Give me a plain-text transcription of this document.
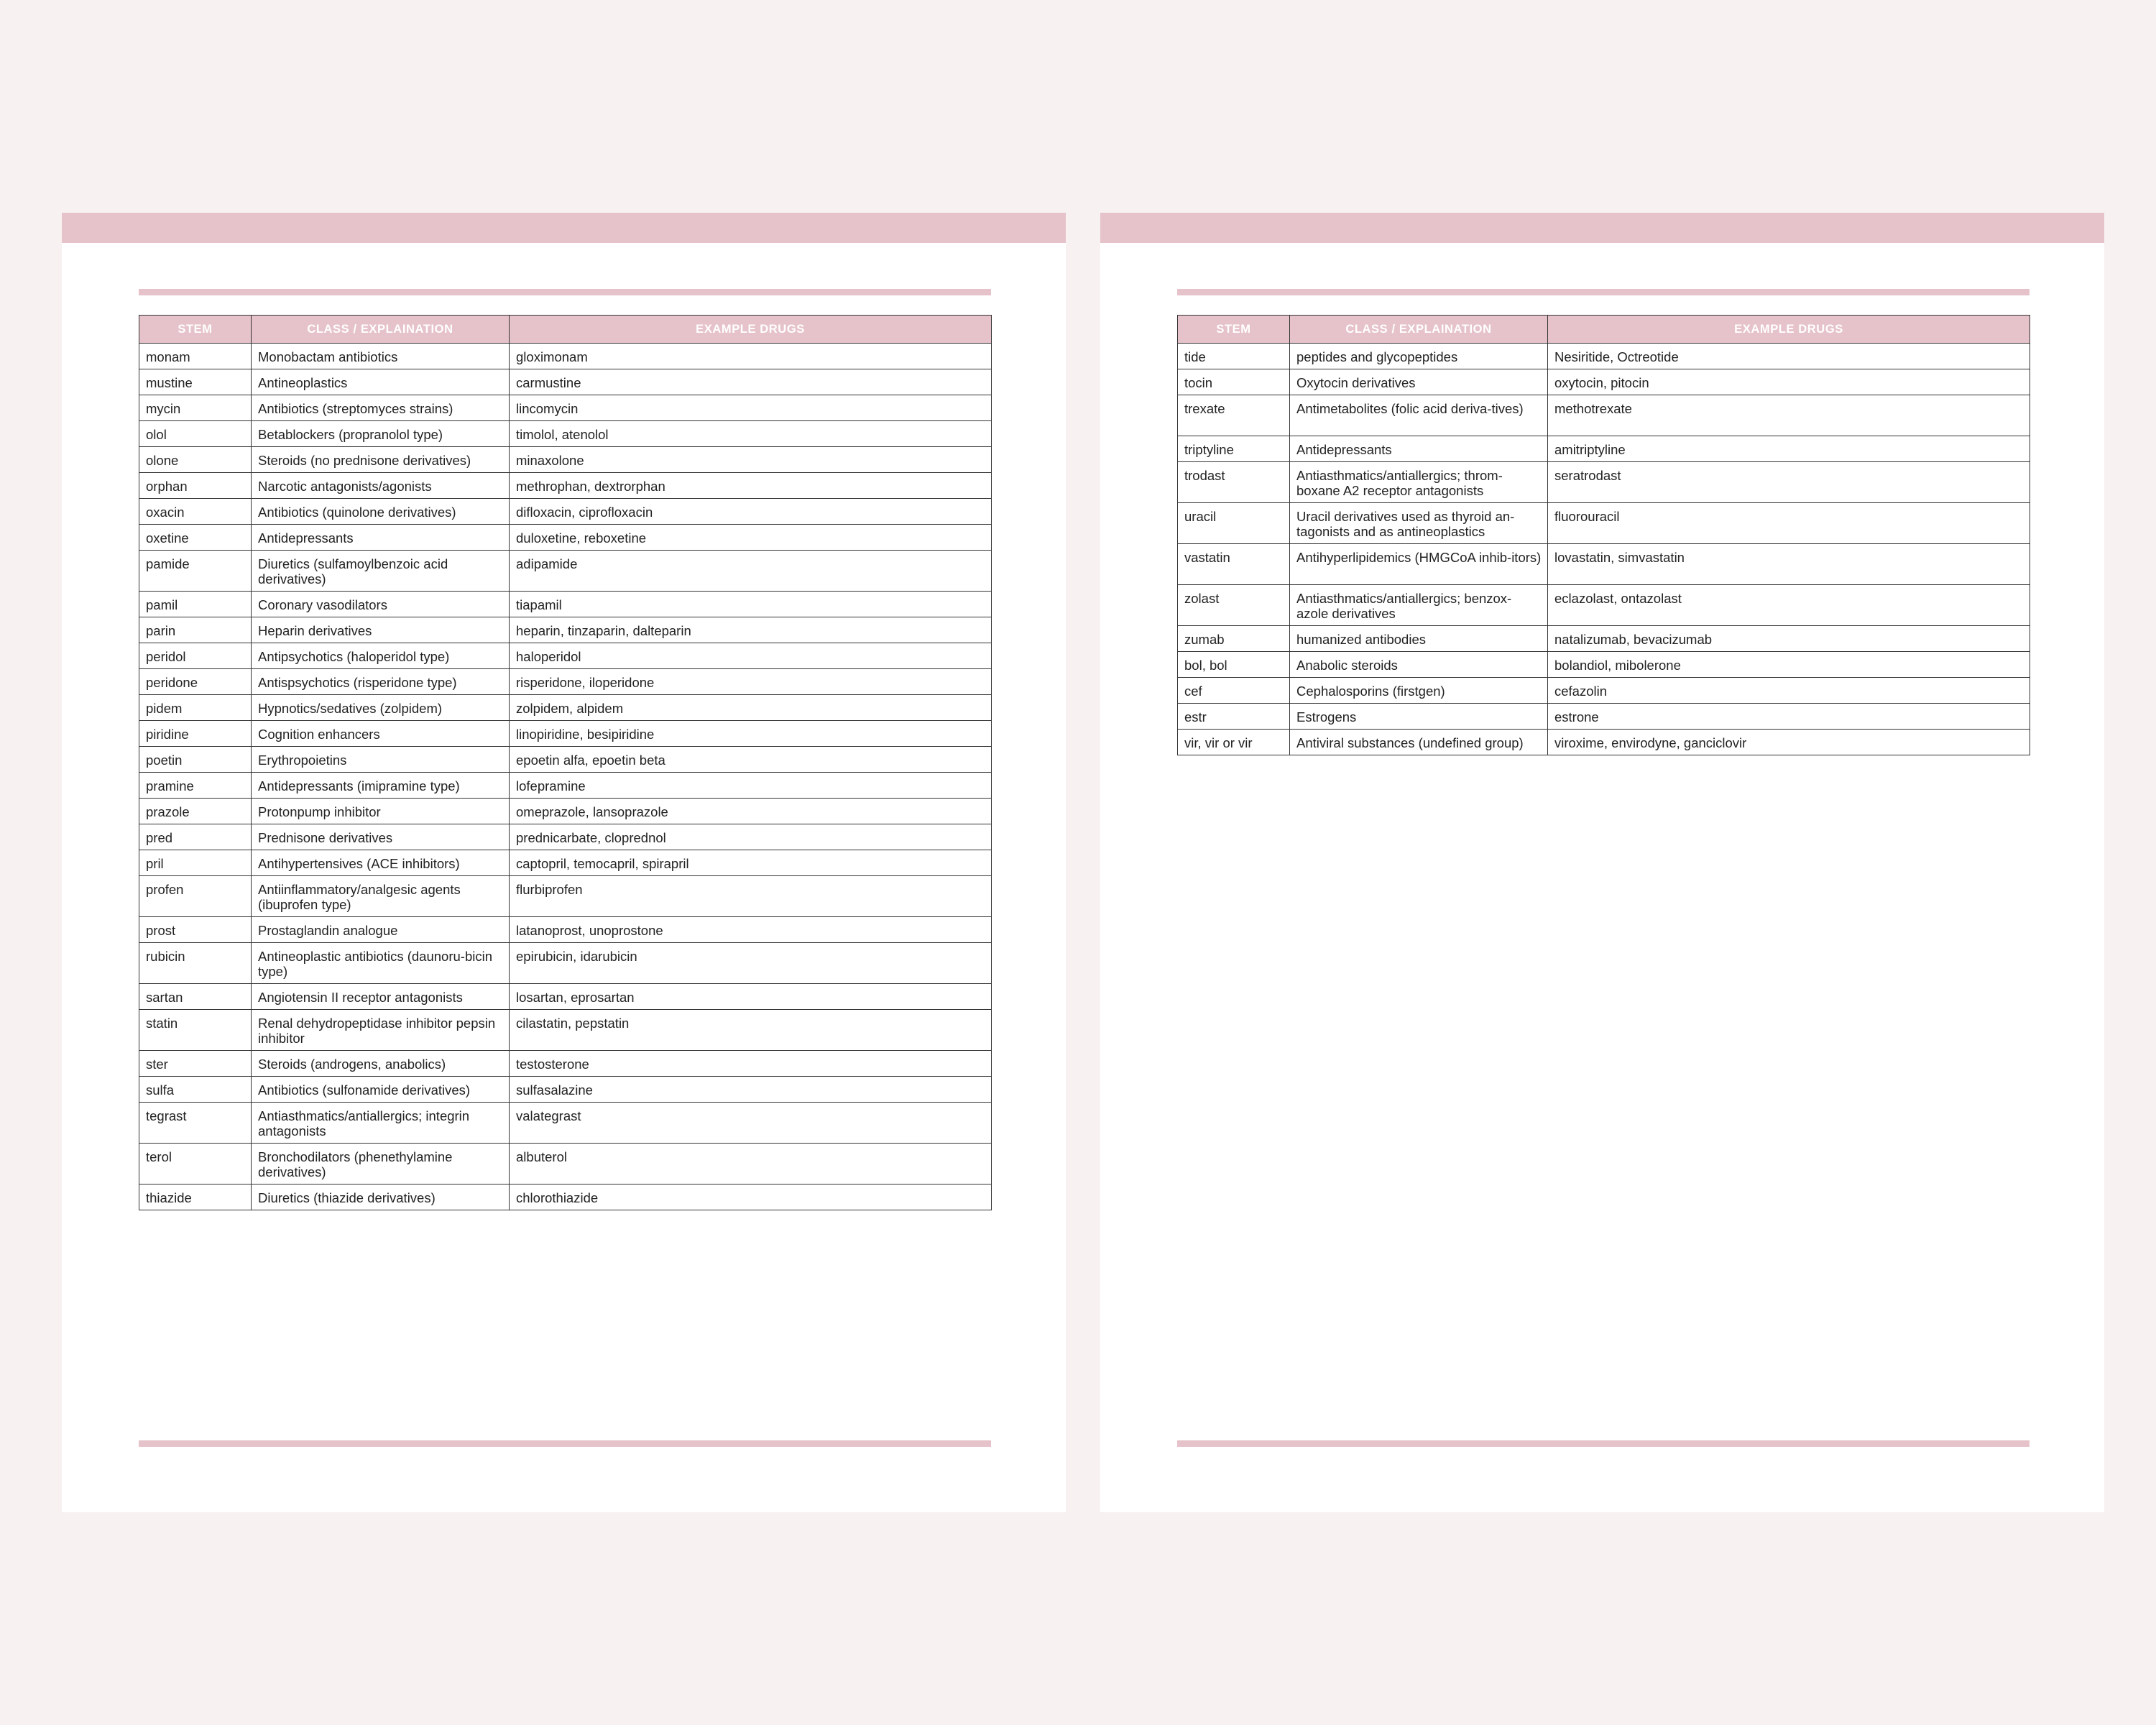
STEM	CLASS / EXPLAINATION	EXAMPLE DRUGS
monam	Monobactam antibiotics	gloximonam
mustine	Antineoplastics	carmustine
mycin	Antibiotics (streptomyces strains)	lincomycin
olol	Betablockers (propranolol type)	timolol, atenolol
olone	Steroids (no prednisone derivatives)	minaxolone
orphan	Narcotic antagonists/agonists	methrophan, dextrorphan
oxacin	Antibiotics (quinolone derivatives)	difloxacin, ciprofloxacin
oxetine	Antidepressants	duloxetine, reboxetine
pamide	Diuretics (sulfamoylbenzoic acid derivatives)	adipamide
pamil	Coronary vasodilators	tiapamil
parin	Heparin derivatives	heparin, tinzaparin, dalteparin
peridol	Antipsychotics (haloperidol type)	haloperidol
peridone	Antispsychotics (risperidone type)	risperidone, iloperidone
pidem	Hypnotics/sedatives (zolpidem)	zolpidem, alpidem
piridine	Cognition enhancers	linopiridine, besipiridine
poetin	Erythropoietins	epoetin alfa, epoetin beta
pramine	Antidepressants (imipramine type)	lofepramine
prazole	Protonpump inhibitor	omeprazole, lansoprazole
pred	Prednisone derivatives	prednicarbate, cloprednol
pril	Antihypertensives (ACE inhibitors)	captopril, temocapril, spirapril
profen	Antiinflammatory/analgesic agents (ibuprofen type)	flurbiprofen
prost	Prostaglandin analogue	latanoprost, unoprostone
rubicin	Antineoplastic antibiotics (daunoru-bicin type)	epirubicin, idarubicin
sartan	Angiotensin II receptor antagonists	losartan, eprosartan
statin	Renal dehydropeptidase inhibitor pepsin inhibitor	cilastatin, pepstatin
ster	Steroids (androgens, anabolics)	testosterone
sulfa	Antibiotics (sulfonamide derivatives)	sulfasalazine
tegrast	Antiasthmatics/antiallergics; integrin antagonists	valategrast
terol	Bronchodilators (phenethylamine derivatives)	albuterol
thiazide	Diuretics (thiazide derivatives)	chlorothiazide
STEM	CLASS / EXPLAINATION	EXAMPLE DRUGS
tide	peptides and glycopeptides	Nesiritide, Octreotide
tocin	Oxytocin derivatives	oxytocin, pitocin
trexate	Antimetabolites (folic acid deriva-tives)	methotrexate
triptyline	Antidepressants	amitriptyline
trodast	Antiasthmatics/antiallergics; throm-boxane A2 receptor antagonists	seratrodast
uracil	Uracil derivatives used as thyroid an-tagonists and as antineoplastics	fluorouracil
vastatin	Antihyperlipidemics (HMGCoA inhib-itors)	lovastatin, simvastatin
zolast	Antiasthmatics/antiallergics; benzox-azole derivatives	eclazolast, ontazolast
zumab	humanized antibodies	natalizumab, bevacizumab
bol, bol	Anabolic steroids	bolandiol, mibolerone
cef	Cephalosporins (firstgen)	cefazolin
estr	Estrogens	estrone
vir, vir or vir	Antiviral substances (undefined group)	viroxime, envirodyne, ganciclovir
